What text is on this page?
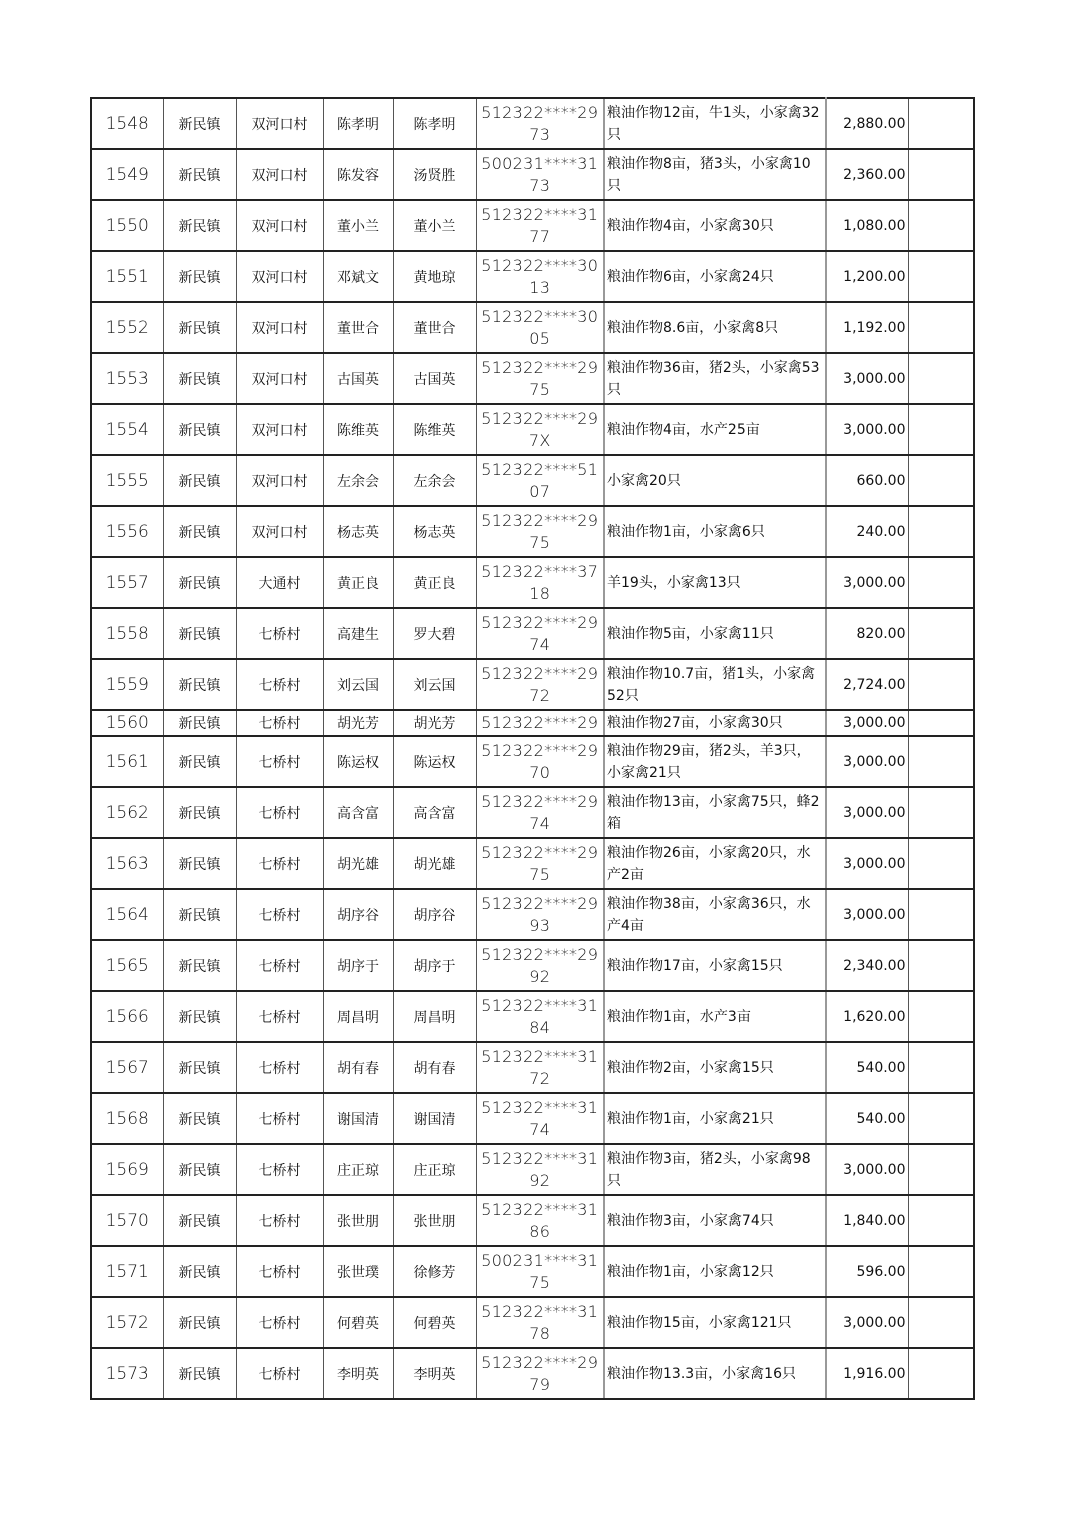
1548	新民镇	双河口村	陈孝明	陈孝明	512322****2973	粮油作物12亩，牛1头，小家禽32只	2,880.00	
1549	新民镇	双河口村	陈发容	汤贤胜	500231****3173	粮油作物8亩，猪3头，小家禽10只	2,360.00	
1550	新民镇	双河口村	董小兰	董小兰	512322****3177	粮油作物4亩，小家禽30只	1,080.00	
1551	新民镇	双河口村	邓斌文	黄地琼	512322****3013	粮油作物6亩，小家禽24只	1,200.00	
1552	新民镇	双河口村	董世合	董世合	512322****3005	粮油作物8.6亩，小家禽8只	1,192.00	
1553	新民镇	双河口村	古国英	古国英	512322****2975	粮油作物36亩，猪2头，小家禽53只	3,000.00	
1554	新民镇	双河口村	陈维英	陈维英	512322****297X	粮油作物4亩，水产25亩	3,000.00	
1555	新民镇	双河口村	左余会	左余会	512322****5107	小家禽20只	660.00	
1556	新民镇	双河口村	杨志英	杨志英	512322****2975	粮油作物1亩，小家禽6只	240.00	
1557	新民镇	大通村	黄正良	黄正良	512322****3718	羊19头，小家禽13只	3,000.00	
1558	新民镇	七桥村	高建生	罗大碧	512322****2974	粮油作物5亩，小家禽11只	820.00	
1559	新民镇	七桥村	刘云国	刘云国	512322****2972	粮油作物10.7亩，猪1头，小家禽52只	2,724.00	
1560	新民镇	七桥村	胡光芳	胡光芳	512322****29	粮油作物27亩，小家禽30只	3,000.00	
1561	新民镇	七桥村	陈运权	陈运权	512322****2970	粮油作物29亩，猪2头，羊3只，小家禽21只	3,000.00	
1562	新民镇	七桥村	高含富	高含富	512322****2974	粮油作物13亩，小家禽75只，蜂2箱	3,000.00	
1563	新民镇	七桥村	胡光雄	胡光雄	512322****2975	粮油作物26亩，小家禽20只，水产2亩	3,000.00	
1564	新民镇	七桥村	胡序谷	胡序谷	512322****2993	粮油作物38亩，小家禽36只，水产4亩	3,000.00	
1565	新民镇	七桥村	胡序于	胡序于	512322****2992	粮油作物17亩，小家禽15只	2,340.00	
1566	新民镇	七桥村	周昌明	周昌明	512322****3184	粮油作物1亩，水产3亩	1,620.00	
1567	新民镇	七桥村	胡有春	胡有春	512322****3172	粮油作物2亩，小家禽15只	540.00	
1568	新民镇	七桥村	谢国清	谢国清	512322****3174	粮油作物1亩，小家禽21只	540.00	
1569	新民镇	七桥村	庄正琼	庄正琼	512322****3192	粮油作物3亩，猪2头，小家禽98只	3,000.00	
1570	新民镇	七桥村	张世朋	张世朋	512322****3186	粮油作物3亩，小家禽74只	1,840.00	
1571	新民镇	七桥村	张世璞	徐修芳	500231****3175	粮油作物1亩，小家禽12只	596.00	
1572	新民镇	七桥村	何碧英	何碧英	512322****3178	粮油作物15亩，小家禽121只	3,000.00	
1573	新民镇	七桥村	李明英	李明英	512322****2979	粮油作物13.3亩，小家禽16只	1,916.00	
